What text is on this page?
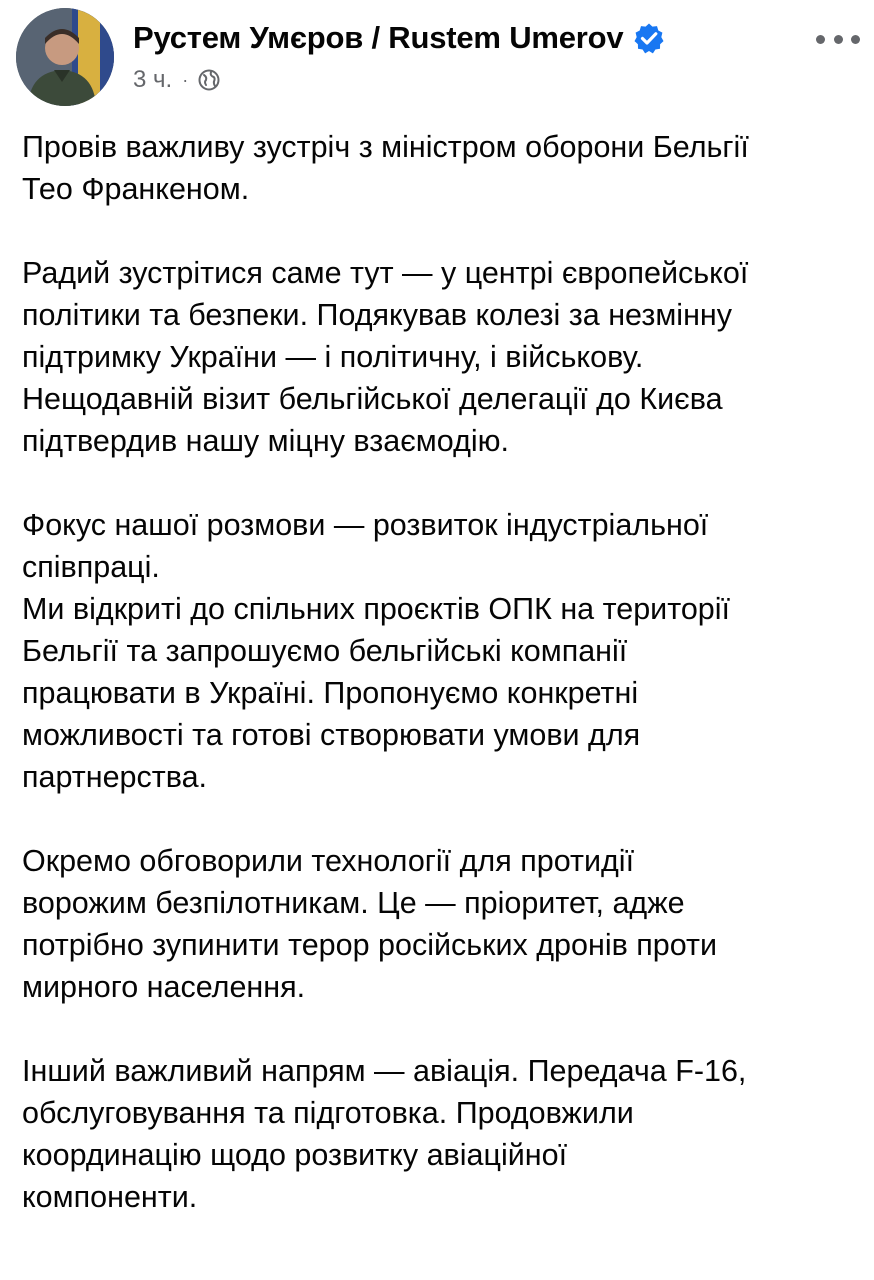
Рустем Умєров / Rustem Umerov
3 ч. ·

Провів важливу зустріч з міністром оборони Бельгії
Тео Франкеном.

Радий зустрітися саме тут — у центрі європейської
політики та безпеки. Подякував колезі за незмінну
підтримку України — і політичну, і військову.
Нещодавній візит бельгійської делегації до Києва
підтвердив нашу міцну взаємодію.

Фокус нашої розмови — розвиток індустріальної
співпраці.
Ми відкриті до спільних проєктів ОПК на території
Бельгії та запрошуємо бельгійські компанії
працювати в Україні. Пропонуємо конкретні
можливості та готові створювати умови для
партнерства.

Окремо обговорили технології для протидії
ворожим безпілотникам. Це — пріоритет, адже
потрібно зупинити терор російських дронів проти
мирного населення.

Інший важливий напрям — авіація. Передача F-16,
обслуговування та підготовка. Продовжили
координацію щодо розвитку авіаційної
компоненти.
